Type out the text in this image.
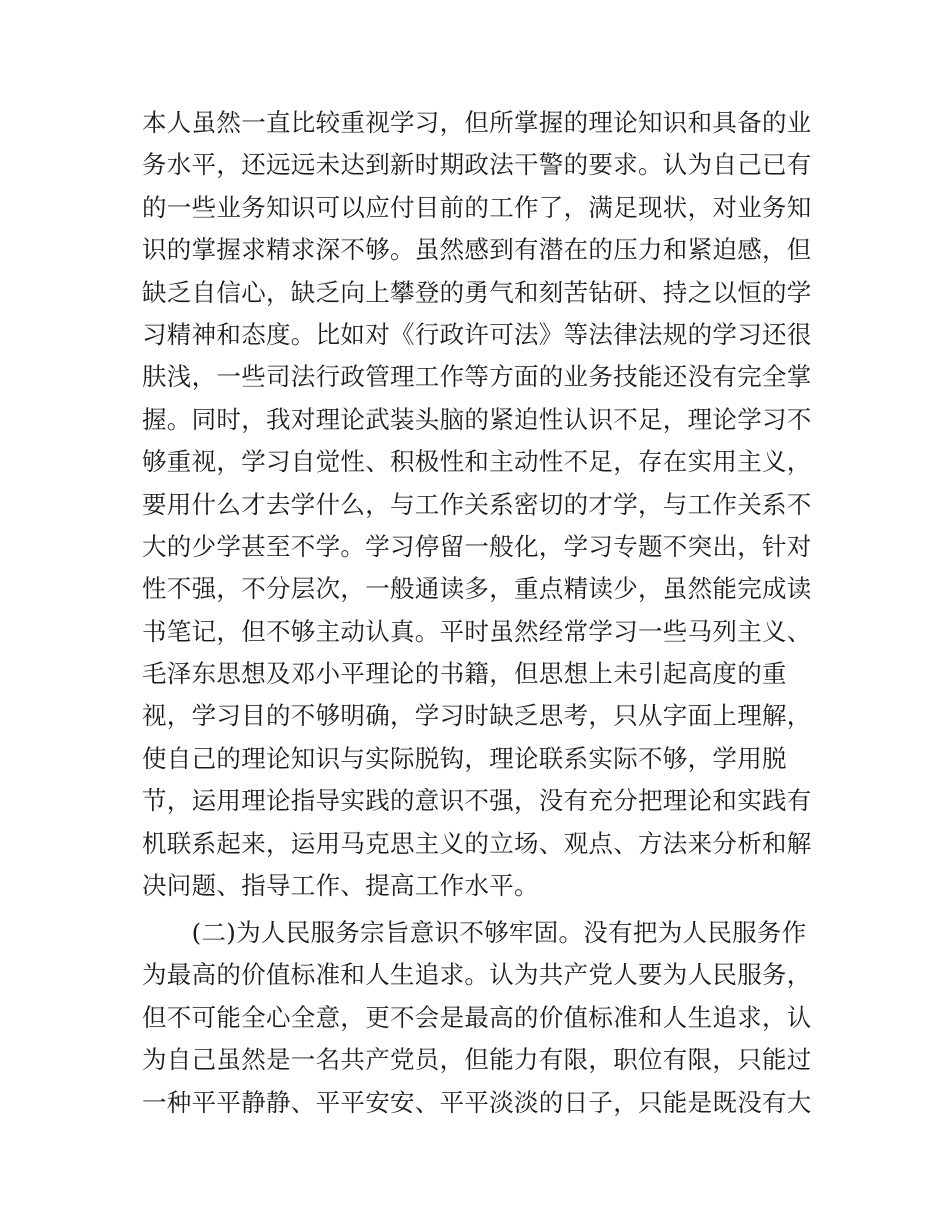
本人虽然一直比较重视学习，但所掌握的理论知识和具备的业
务水平，还远远未达到新时期政法干警的要求。认为自己已有
的一些业务知识可以应付目前的工作了，满足现状，对业务知
识的掌握求精求深不够。虽然感到有潜在的压力和紧迫感，但
缺乏自信心，缺乏向上攀登的勇气和刻苦钻研、持之以恒的学
习精神和态度。比如对《行政许可法》等法律法规的学习还很
肤浅，一些司法行政管理工作等方面的业务技能还没有完全掌
握。同时，我对理论武装头脑的紧迫性认识不足，理论学习不
够重视，学习自觉性、积极性和主动性不足，存在实用主义，
要用什么才去学什么，与工作关系密切的才学，与工作关系不
大的少学甚至不学。学习停留一般化，学习专题不突出，针对
性不强，不分层次，一般通读多，重点精读少，虽然能完成读
书笔记，但不够主动认真。平时虽然经常学习一些马列主义、
毛泽东思想及邓小平理论的书籍，但思想上未引起高度的重
视，学习目的不够明确，学习时缺乏思考，只从字面上理解，
使自己的理论知识与实际脱钩，理论联系实际不够，学用脱
节，运用理论指导实践的意识不强，没有充分把理论和实践有
机联系起来，运用马克思主义的立场、观点、方法来分析和解
决问题、指导工作、提高工作水平。
　　(二)为人民服务宗旨意识不够牢固。没有把为人民服务作
为最高的价值标准和人生追求。认为共产党人要为人民服务，
但不可能全心全意，更不会是最高的价值标准和人生追求，认
为自己虽然是一名共产党员，但能力有限，职位有限，只能过
一种平平静静、平平安安、平平淡淡的日子，只能是既没有大
